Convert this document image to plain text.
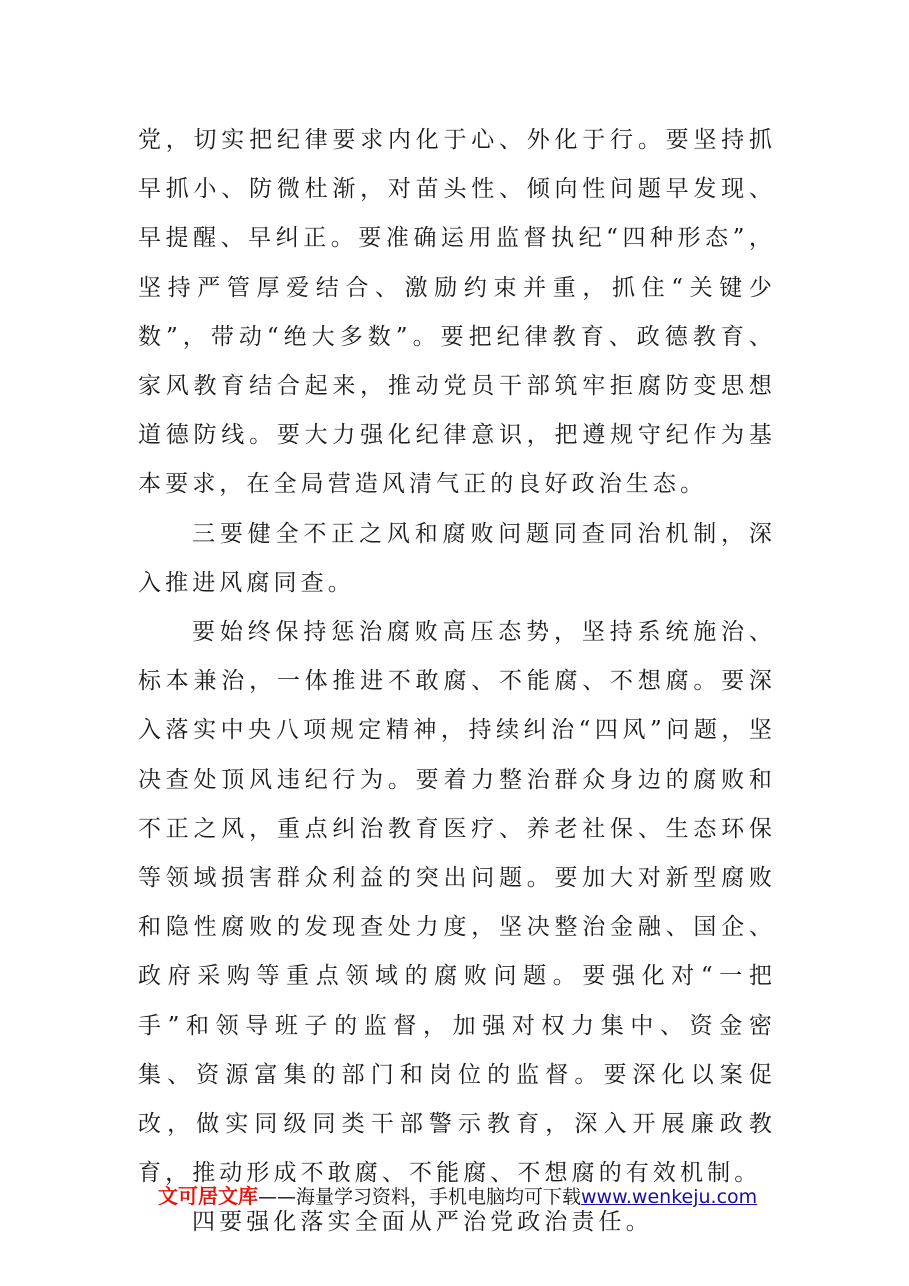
党，切实把纪律要求内化于心、外化于行。要坚持抓早抓小、防微杜渐，对苗头性、倾向性问题早发现、早提醒、早纠正。要准确运用监督执纪“四种形态”，坚持严管厚爱结合、激励约束并重，抓住“关键少数”，带动“绝大多数”。要把纪律教育、政德教育、家风教育结合起来，推动党员干部筑牢拒腐防变思想道德防线。要大力强化纪律意识，把遵规守纪作为基本要求，在全局营造风清气正的良好政治生态。

三要健全不正之风和腐败问题同查同治机制，深入推进风腐同查。

要始终保持惩治腐败高压态势，坚持系统施治、标本兼治，一体推进不敢腐、不能腐、不想腐。要深入落实中央八项规定精神，持续纠治“四风”问题，坚决查处顶风违纪行为。要着力整治群众身边的腐败和不正之风，重点纠治教育医疗、养老社保、生态环保等领域损害群众利益的突出问题。要加大对新型腐败和隐性腐败的发现查处力度，坚决整治金融、国企、政府采购等重点领域的腐败问题。要强化对“一把手”和领导班子的监督，加强对权力集中、资金密集、资源富集的部门和岗位的监督。要深化以案促改，做实同级同类干部警示教育，深入开展廉政教育，推动形成不敢腐、不能腐、不想腐的有效机制。

四要强化落实全面从严治党政治责任。

文可居文库——海量学习资料，手机电脑均可下载www.wenkeju.com
